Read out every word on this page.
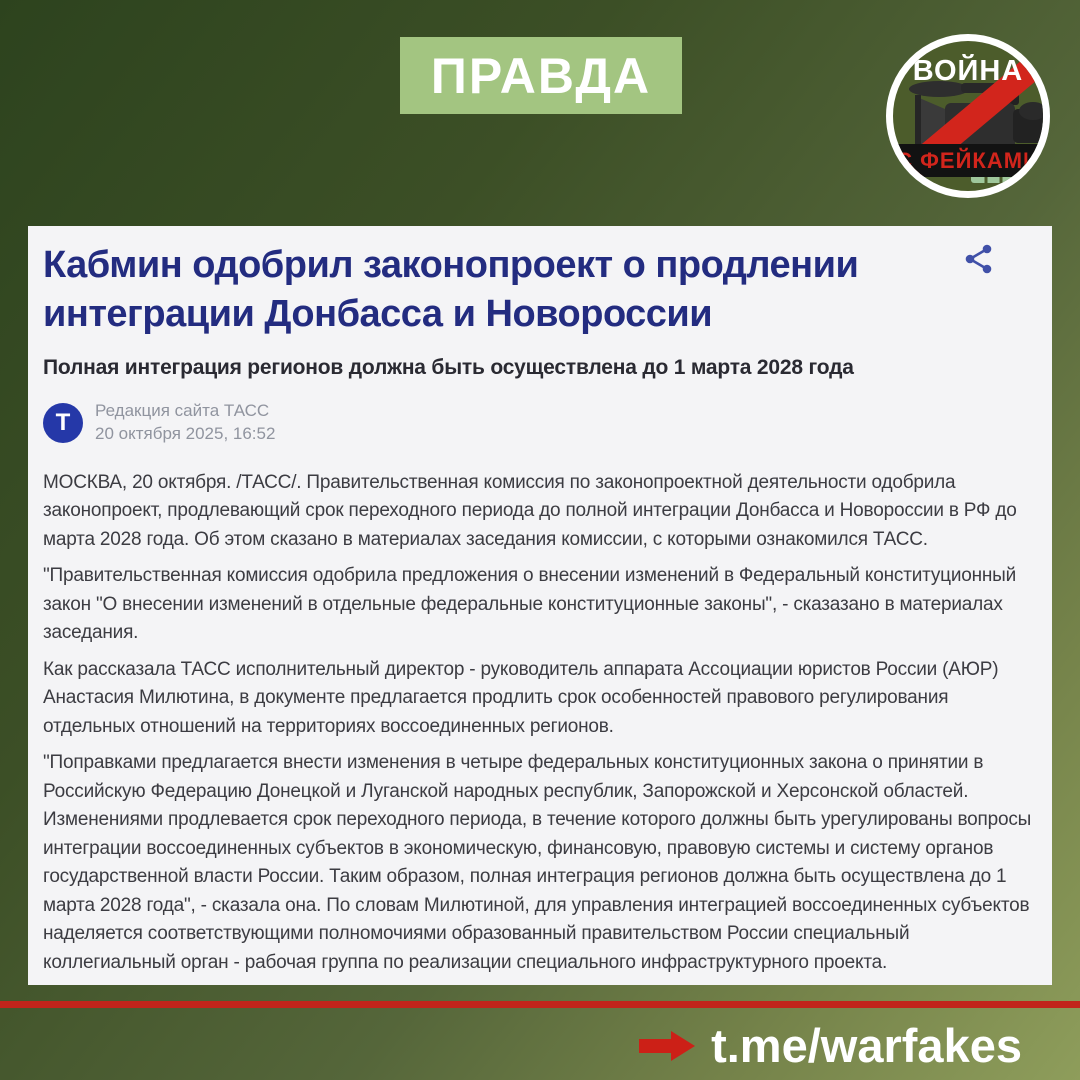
ПРАВДА	ВОЙНА
С ФЕЙКАМИ
Кабмин одобрил законопроект о продлении интеграции Донбасса и Новороссии
Полная интеграция регионов должна быть осуществлена до 1 марта 2028 года
Т Редакция сайта ТАСС
20 октября 2025, 16:52

МОСКВА, 20 октября. /ТАСС/. Правительственная комиссия по законопроектной деятельности одобрила законопроект, продлевающий срок переходного периода до полной интеграции Донбасса и Новороссии в РФ до марта 2028 года. Об этом сказано в материалах заседания комиссии, с которыми ознакомился ТАСС.

"Правительственная комиссия одобрила предложения о внесении изменений в Федеральный конституционный закон "О внесении изменений в отдельные федеральные конституционные законы", - сказазано в материалах заседания.

Как рассказала ТАСС исполнительный директор - руководитель аппарата Ассоциации юристов России (АЮР) Анастасия Милютина, в документе предлагается продлить срок особенностей правового регулирования отдельных отношений на территориях воссоединенных регионов.

"Поправками предлагается внести изменения в четыре федеральных конституционных закона о принятии в Российскую Федерацию Донецкой и Луганской народных республик, Запорожской и Херсонской областей. Изменениями продлевается срок переходного периода, в течение которого должны быть урегулированы вопросы интеграции воссоединенных субъектов в экономическую, финансовую, правовую системы и систему органов государственной власти России. Таким образом, полная интеграция регионов должна быть осуществлена до 1 марта 2028 года", - сказала она. По словам Милютиной, для управления интеграцией воссоединенных субъектов наделяется соответствующими полномочиями образованный правительством России специальный коллегиальный орган - рабочая группа по реализации специального инфраструктурного проекта.

t.me/warfakes
